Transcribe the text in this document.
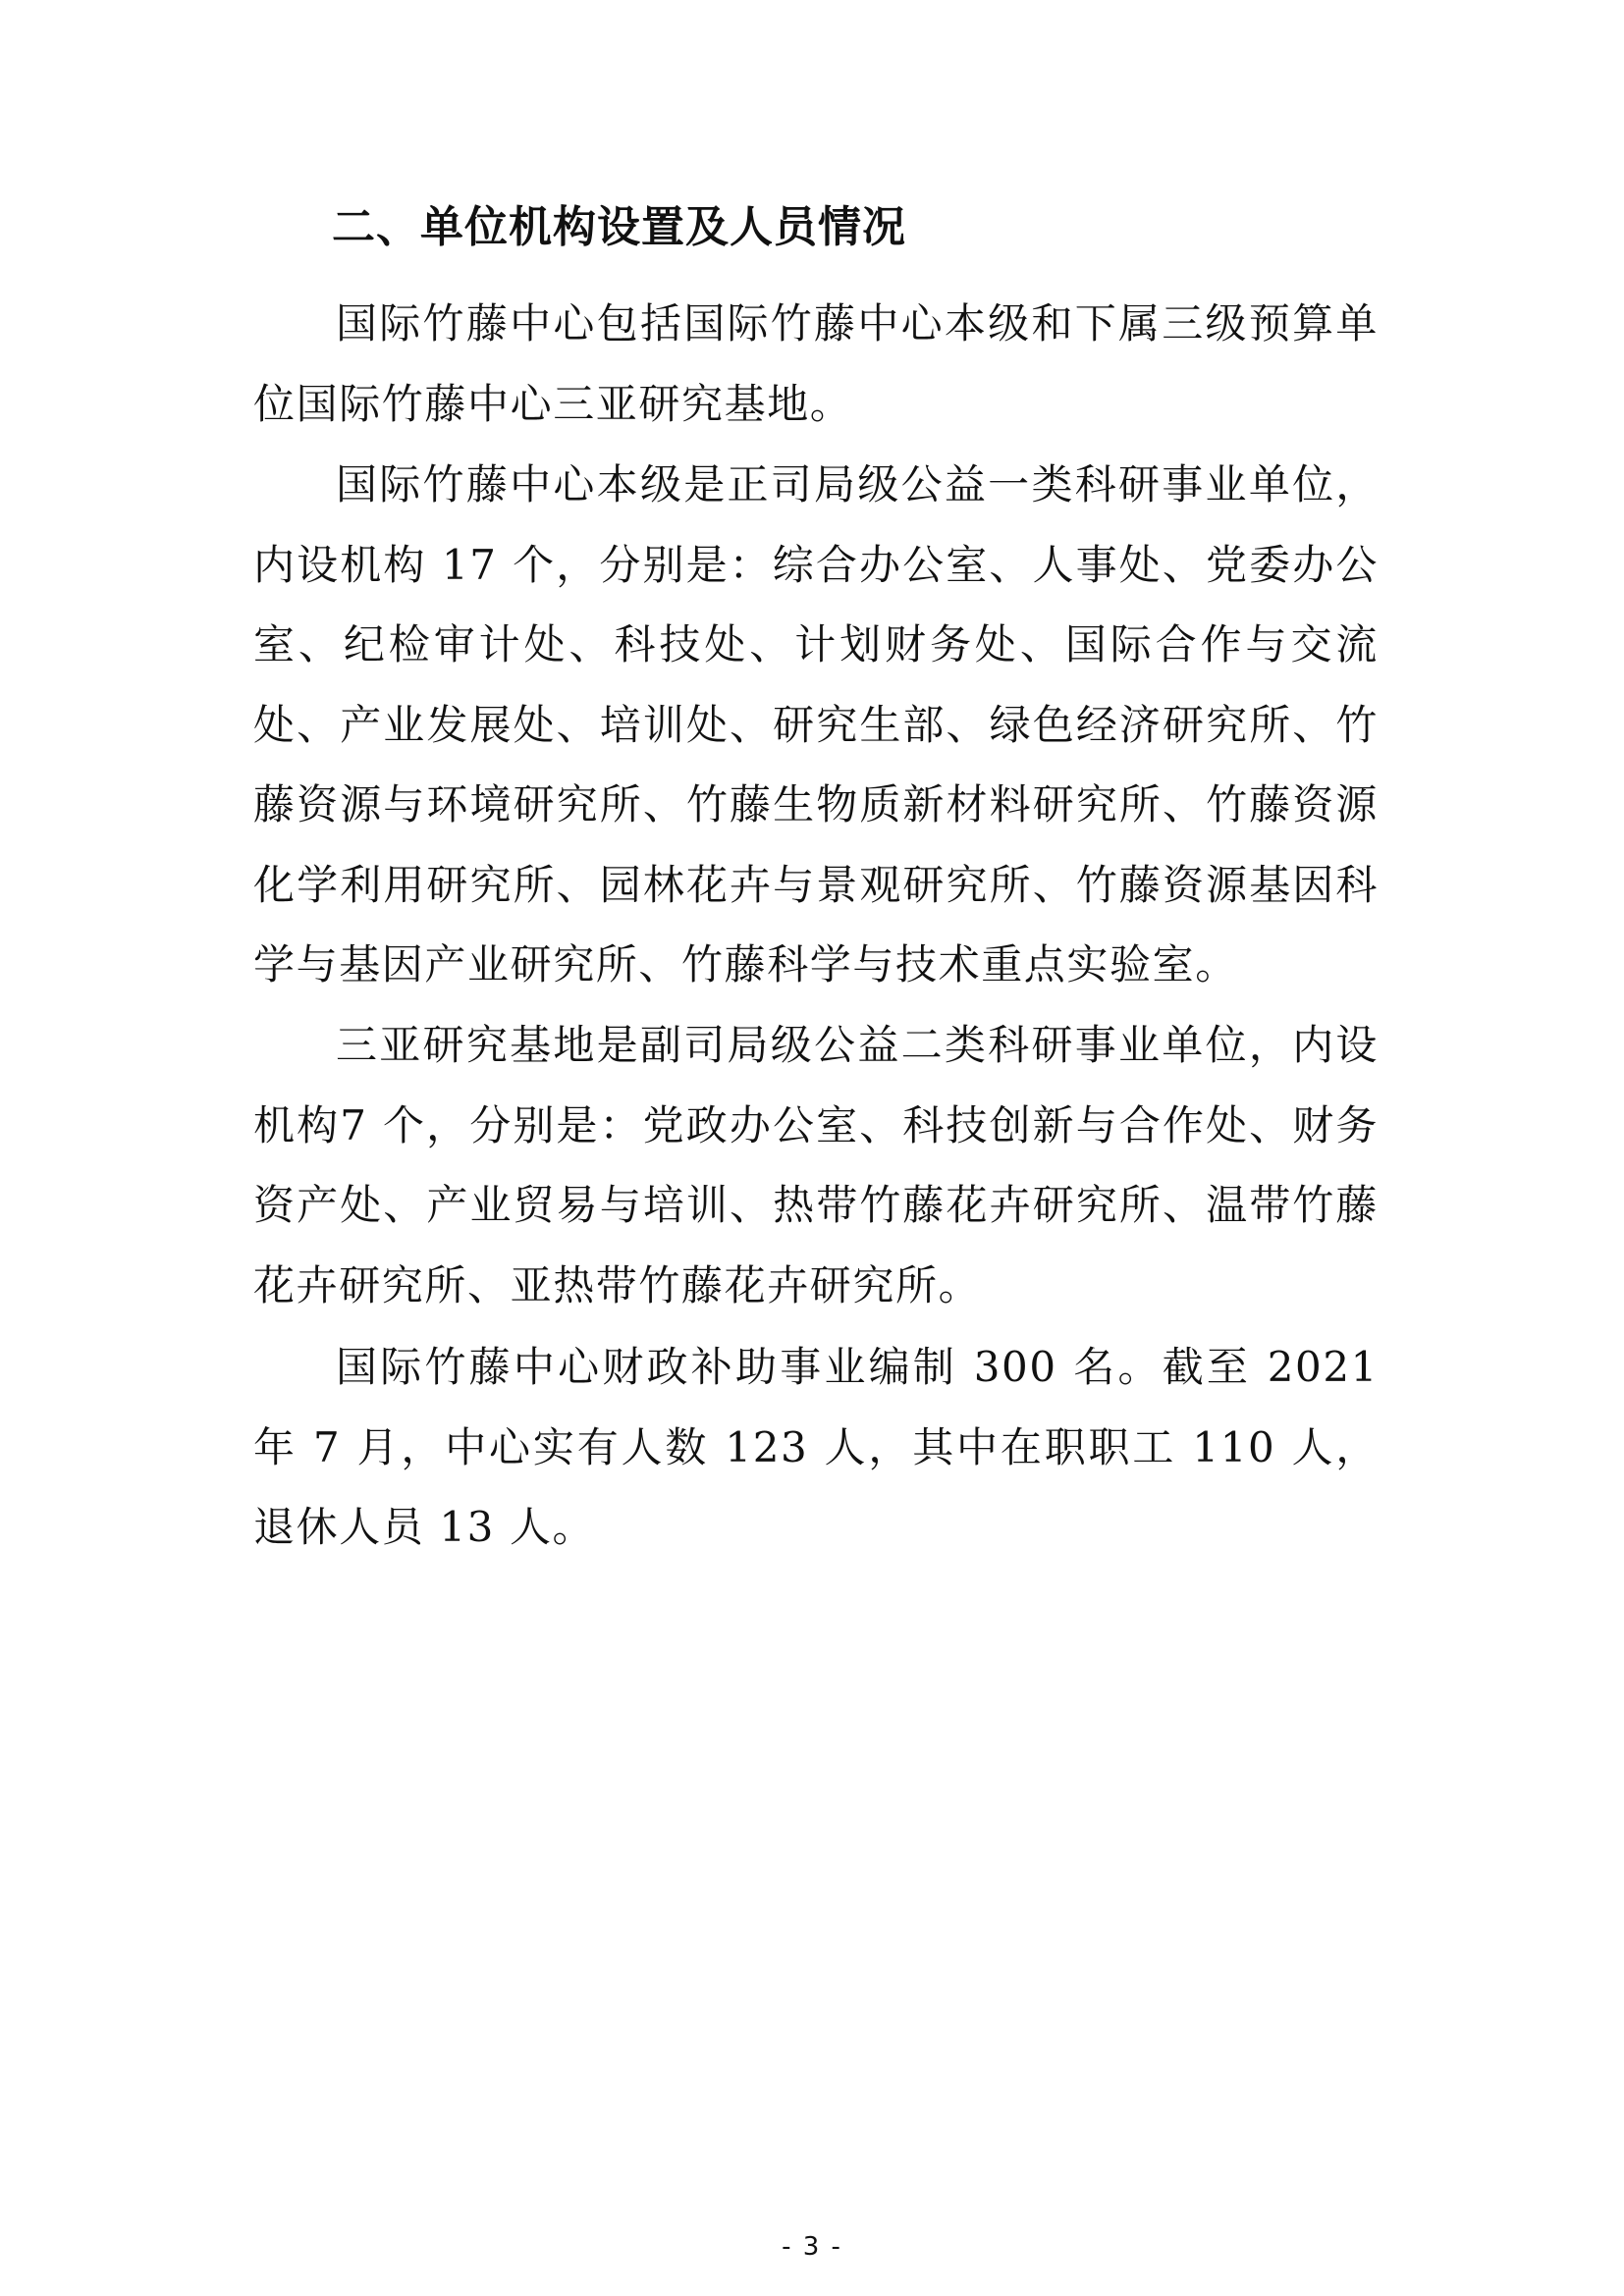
二、单位机构设置及人员情况

国际竹藤中心包括国际竹藤中心本级和下属三级预算单位国际竹藤中心三亚研究基地。

国际竹藤中心本级是正司局级公益一类科研事业单位，内设机构 17 个，分别是：综合办公室、人事处、党委办公室、纪检审计处、科技处、计划财务处、国际合作与交流处、产业发展处、培训处、研究生部、绿色经济研究所、竹藤资源与环境研究所、竹藤生物质新材料研究所、竹藤资源化学利用研究所、园林花卉与景观研究所、竹藤资源基因科学与基因产业研究所、竹藤科学与技术重点实验室。

三亚研究基地是副司局级公益二类科研事业单位，内设机构7 个，分别是：党政办公室、科技创新与合作处、财务资产处、产业贸易与培训、热带竹藤花卉研究所、温带竹藤花卉研究所、亚热带竹藤花卉研究所。

国际竹藤中心财政补助事业编制 300 名。截至 2021 年 7 月，中心实有人数 123 人，其中在职职工 110 人，退休人员 13 人。

- 3 -
